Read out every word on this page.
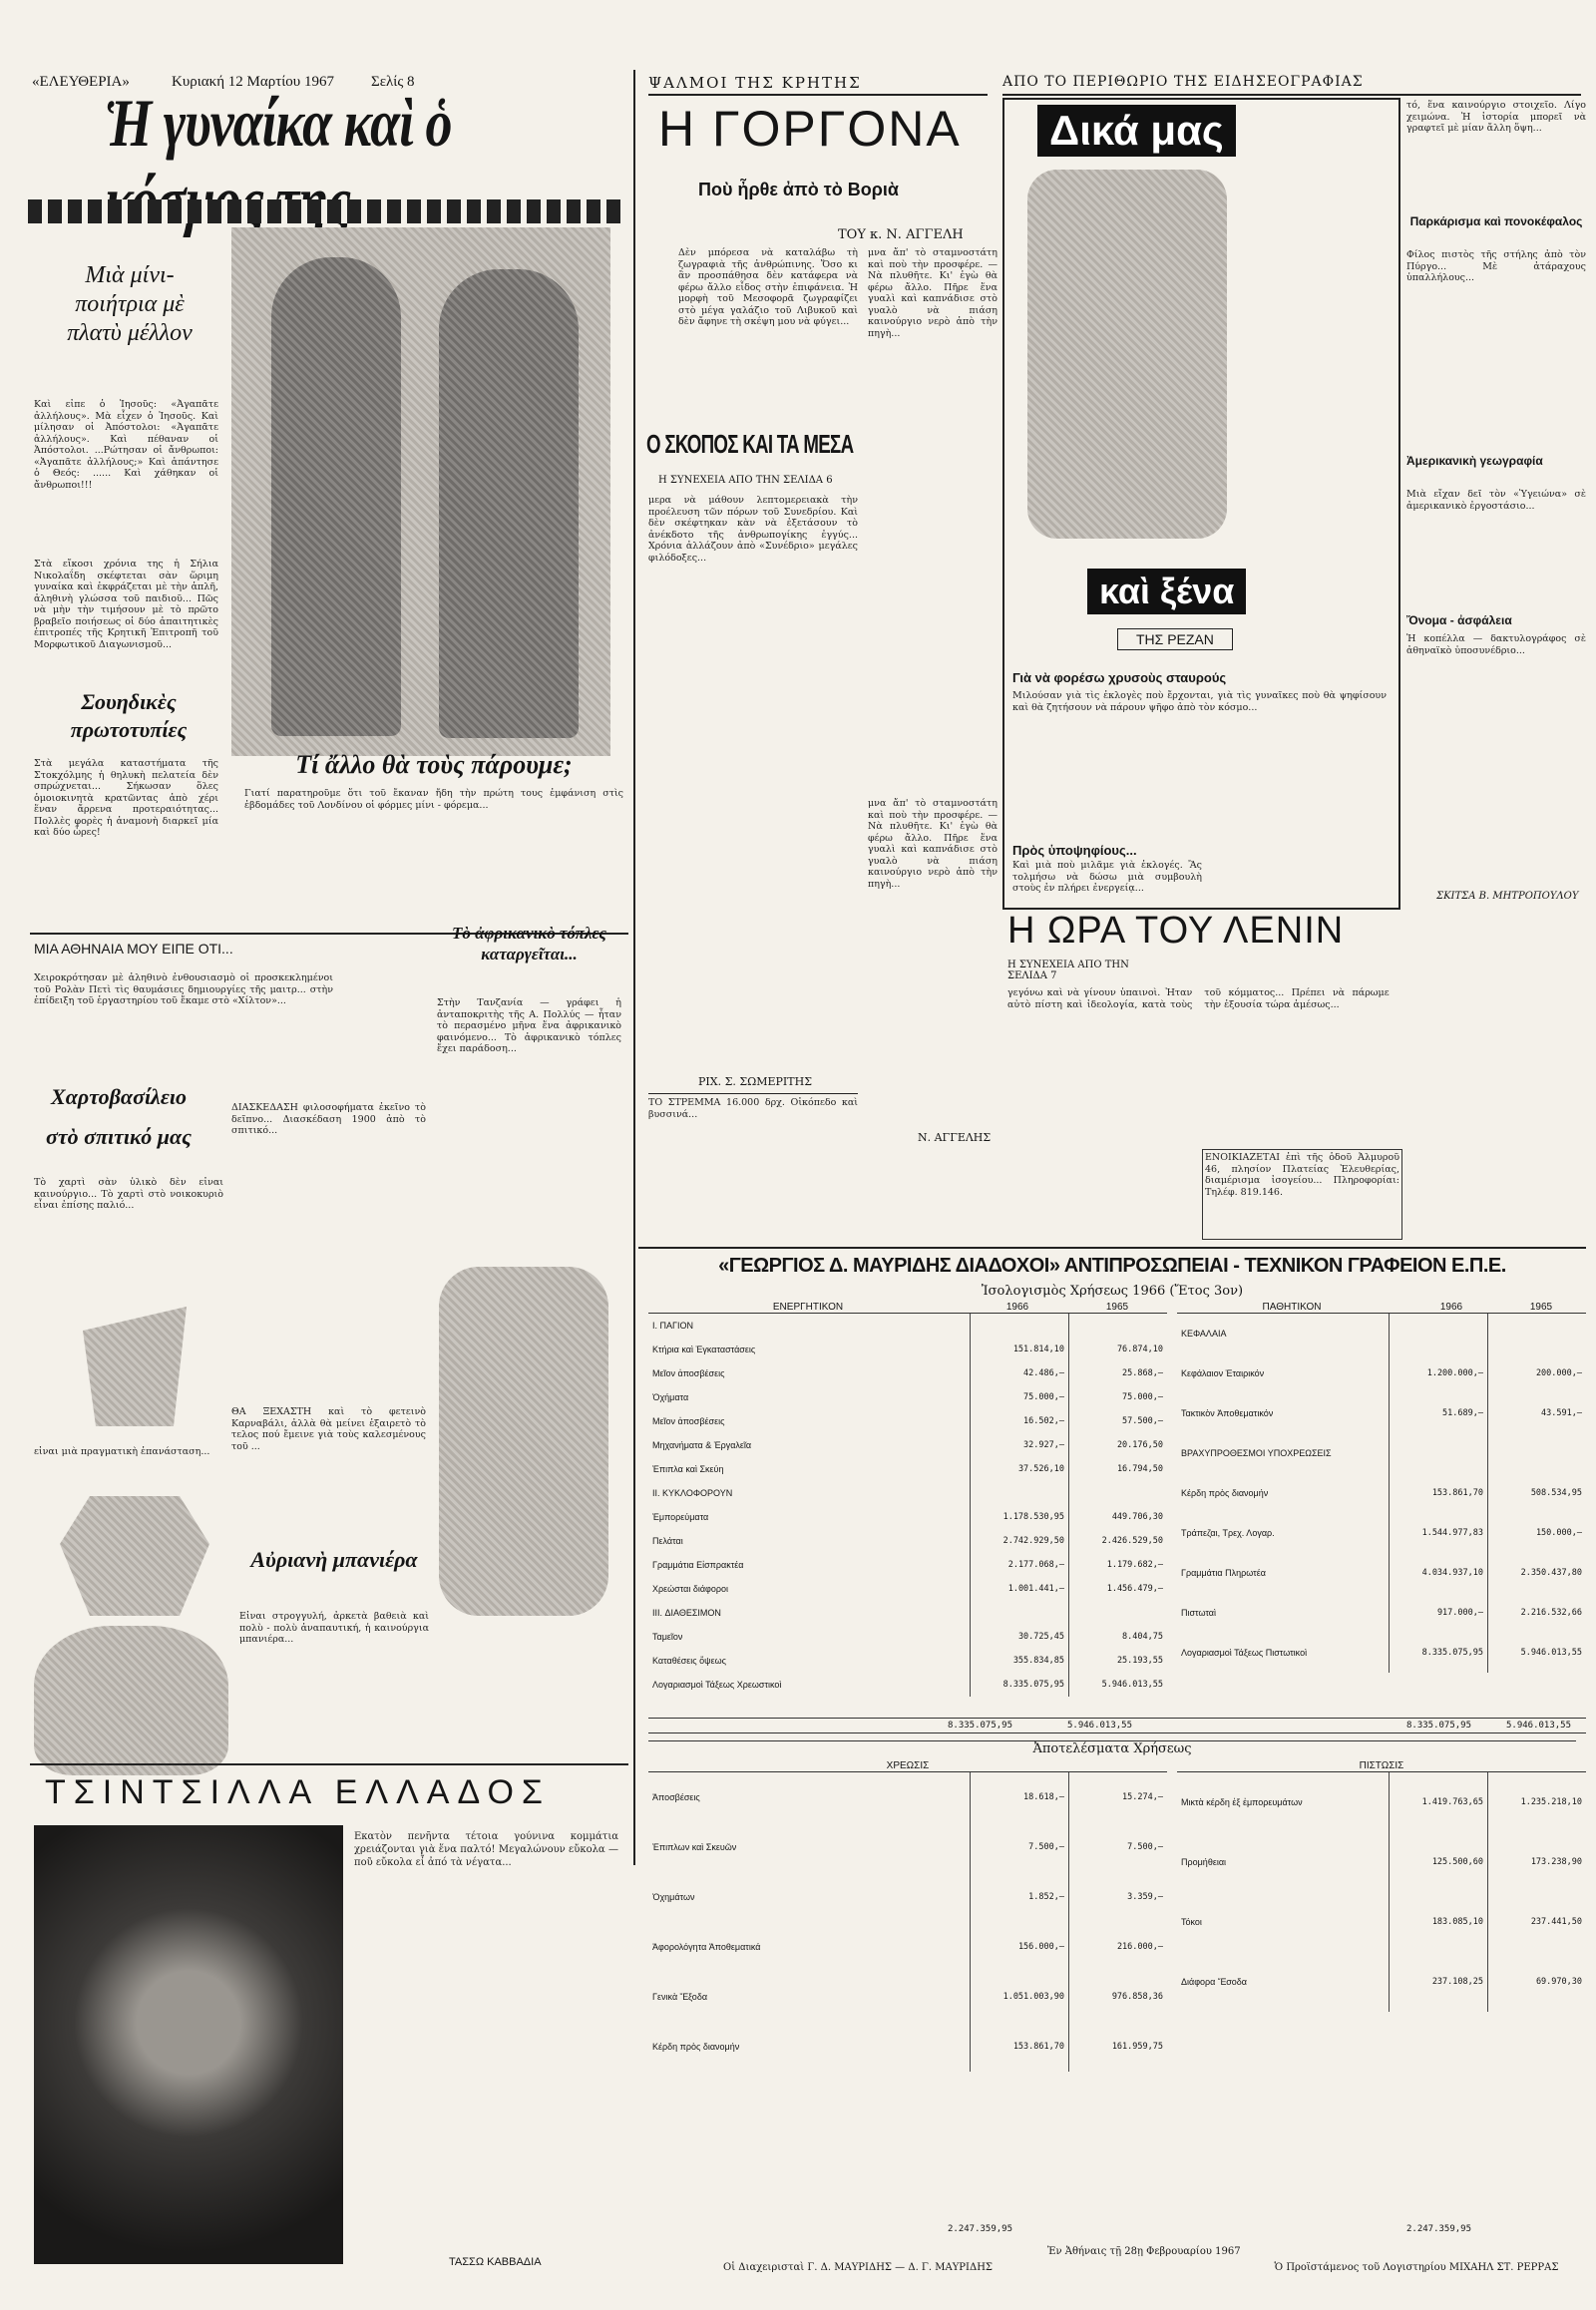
«ΕΛΕΥΘΕΡΙΑ»	Κυριακή 12 Μαρτίου 1967 Σελίς 8
Ἡ γυναίκα καὶ ὁ
Μιὰ μίνι-ποιήτρια μὲ πλατὺ μέλλον
Καὶ εἶπε ὁ Ἰησοῦς: «Ἀγαπᾶτε ἀλλήλους». Μὰ εἶχεν ὁ Ἰησοῦς. Καὶ μίλησαν οἱ Ἀπόστολοι: «Ἀγαπᾶτε ἀλλήλους». Καὶ πέθαναν οἱ Ἀπόστολοι. ...Ρώτησαν οἱ ἄνθρωποι: «Ἀγαπᾶτε ἀλλήλους;» Καὶ ἀπάντησε ὁ Θεός: ...... Καὶ χάθηκαν οἱ ἄνθρωποι!!!
Στὰ εἴκοσι χρόνια της ἡ Σήλια Νικολαΐδη σκέφτεται σὰν ὥριμη γυναίκα καὶ ἐκφράζεται μὲ τὴν ἁπλῆ, ἀληθινὴ γλώσσα τοῦ παιδιοῦ... Πῶς νὰ μὴν τὴν τιμήσουν μὲ τὸ πρῶτο βραβεῖο ποιήσεως οἱ δύο ἀπαιτητικὲς ἐπιτροπές τῆς Κρητικῆ Ἐπιτροπῆ τοῦ Μορφωτικοῦ Διαγωνισμοῦ...
Σουηδικὲς πρωτοτυπίες
Στὰ μεγάλα καταστήματα τῆς Στοκχόλμης ἡ θηλυκὴ πελατεία δὲν σπρώχνεται... Σήκωσαν ὅλες ὁμοιοκινητὰ κρατῶντας ἀπὸ χέρι ἕναν ἄρρενα προτεραιότητας... Πολλὲς φορὲς ἡ ἀναμονὴ διαρκεῖ μία καὶ δύο ὧρες!
Τί ἄλλο θὰ τοὺς πάρουμε;
Γιατί παρατηροῦμε ὅτι τοῦ ἔκαναν ἤδη τὴν πρώτη τους ἐμφάνιση στὶς ἐβδομάδες τοῦ Λονδίνου οἱ φόρμες μίνι - φόρεμα...
ΜΙΑ ΑΘΗΝΑΙΑ ΜΟΥ ΕΙΠΕ ΟΤΙ...
Χειροκρότησαν μὲ ἀληθινὸ ἐνθουσιασμὸ οἱ προσκεκλημένοι τοῦ Ρολὰν Πετὶ τὶς θαυμάσιες δημιουργίες τῆς μαιτρ... στὴν ἐπίδειξη τοῦ ἐργαστηρίου τοῦ ἔκαμε στὸ «Χίλτον»...
Χαρτοβασίλειο στὸ σπιτικό μας
Τὸ χαρτὶ σὰν ὑλικὸ δὲν εἶναι καινούργιο... Τὸ χαρτὶ στὸ νοικοκυριὸ εἶναι ἐπίσης παλιό...
ΔΙΑΣΚΕΔΑΣΗ φιλοσοφήματα ἐκεῖνο τὸ δεῖπνο... Διασκέδαση 1900 ἀπὸ τὸ σπιτικό...
εἶναι μιὰ πραγματικὴ ἐπανάσταση...
ΘΑ ΞΕΧΑΣΤΗ καὶ τὸ φετεινὸ Καρναβάλι, ἀλλὰ θὰ μείνει ἐξαιρετὸ τὸ τελος πού ἔμεινε γιὰ τοὺς καλεσμένους τοῦ ...
Τὸ ἀφρικανικὸ τόπλες καταργεῖται...
Στὴν Τανζανία — γράφει ἡ ἀνταποκριτὴς τῆς Α. Πολλύς — ἦταν τὸ περασμένο μῆνα ἕνα ἀφρικανικὸ φαινόμενο... Τὸ ἀφρικανικὸ τόπλες ἔχει παράδοση...
Αὐριανὴ μπανιέρα
Εἶναι στρογγυλή, ἀρκετὰ βαθειὰ καὶ πολὺ - πολὺ ἀναπαυτική, ἡ καινούργια μπανιέρα...
ΤΣΙΝΤΣΙΛΛΑ ΕΛΛΑΔΟΣ
Εκατὸν πενῆντα τέτοια γούνινα κομμάτια χρειάζονται γιὰ ἕνα παλτό! Μεγαλώνουν εὔκολα — ποῦ εὔκολα εἶ ἀπό τὰ νέγατα...
ΤΑΣΣΩ ΚΑΒΒΑΔΙΑ
ΨΑΛΜΟΙ ΤΗΣ ΚΡΗΤΗΣ
Η ΓΟΡΓΟΝΑ
Ποὺ ἦρθε ἀπὸ τὸ Βοριὰ
ΤΟΥ κ. Ν. ΑΓΓΕΛΗ
Δὲν μπόρεσα νὰ καταλάβω τὴ ζωγραφιὰ τῆς ἀνθρώπινης. Ὅσο κι ἂν προσπάθησα δὲν κατάφερα νὰ φέρω ἄλλο εἶδος στὴν ἐπιφάνεια. Ἡ μορφὴ τοῦ Μεσοφορᾶ ζωγραφίζει στὸ μέγα γαλάζιο τοῦ Λιβυκοῦ καὶ δὲν ἄφηνε τὴ σκέψη μου νὰ φύγει...
μνα ἄπ' τὸ σταμνοστάτη καὶ ποὺ τὴν προσφέρε. — Νὰ πλυθῆτε. Κι' ἐγὼ θὰ φέρω ἄλλο. Πῆρε ἕνα γυαλὶ καὶ καπνάδισε στὸ γυαλὸ νὰ πιάση καινούργιο νερὸ ἀπὸ τὴν πηγὴ...
Ο ΣΚΟΠΟΣ ΚΑΙ ΤΑ ΜΕΣΑ
Η ΣΥΝΕΧΕΙΑ ΑΠΟ ΤΗΝ ΣΕΛΙΔΑ 6
μερα νὰ μάθουν λεπτομερειακὰ τὴν προέλευση τῶν πόρων τοῦ Συνεδρίου. Καὶ δὲν σκέφτηκαν κὰν νὰ ἐξετάσουν τὸ ἀνέκδοτο τῆς ἀνθρωπογίκης ἐγγύς... Χρόνια ἀλλάζουν ἀπὸ «Συνέδριο» μεγάλες φιλόδοξες...
ΡΙΧ. Σ. ΣΩΜΕΡΙΤΗΣ
μνα ἄπ' τὸ σταμνοστάτη καὶ ποὺ τὴν προσφέρε. — Νὰ πλυθῆτε. Κι' ἐγὼ θὰ φέρω ἄλλο. Πῆρε ἕνα γυαλὶ καὶ καπνάδισε στὸ γυαλὸ νὰ πιάση καινούργιο νερὸ ἀπὸ τὴν πηγὴ...
Ν. ΑΓΓΕΛΗΣ
ΤΟ ΣΤΡΕΜΜΑ 16.000 δρχ. Οἰκόπεδο καὶ βυσσινά...
Η ΩΡΑ ΤΟΥ ΛΕΝΙΝ
Η ΣΥΝΕΧΕΙΑ ΑΠΟ ΤΗΝ ΣΕΛΙΔΑ 7
γεγόνω καὶ νὰ γίνουν ὑπαινοὶ. Ἦταν αὐτὸ πίστη καὶ ἰδεολογία, κατὰ τοὺς τοῦ κόμματος... Πρέπει νὰ πάρωμε τὴν ἐξουσία τώρα ἀμέσως...
ΕΝΟΙΚΙΑΖΕΤΑΙ ἐπὶ τῆς ὁδοῦ Ἀλμυροῦ 46, πλησίον Πλατείας Ἐλευθερίας, διαμέρισμα ἰσογείου... Πληροφορίαι: Τηλέφ. 819.146.
ΑΠΟ ΤΟ ΠΕΡΙΘΩΡΙΟ ΤΗΣ ΕΙΔΗΣΕΟΓΡΑΦΙΑΣ
Δικά μας
καὶ ξένα
ΤΗΣ ΡΕΖΑΝ
Γιὰ νὰ φορέσω χρυσοὺς σταυρούς
Μιλούσαν γιὰ τὶς ἐκλογὲς ποὺ ἔρχονται, γιὰ τὶς γυναῖκες ποὺ θὰ ψηφίσουν καὶ θὰ ζητήσουν νὰ πάρουν ψῆφο ἀπὸ τὸν κόσμο...
Πρὸς ὑποψηφίους...
Καὶ μιὰ ποὺ μιλᾶμε γιὰ ἐκλογές. Ἂς τολμήσω νὰ δώσω μιὰ συμβουλὴ στοὺς ἐν πλήρει ἐνεργείᾳ...
τό, ἕνα καινούργιο στοιχεῖο. Λίγο χειμώνα. Ἡ ἱστορία μπορεῖ νὰ γραφτεῖ μὲ μίαν ἄλλη ὅψη...
Παρκάρισμα καὶ πονοκέφαλος
Φίλος πιστὸς τῆς στήλης ἀπὸ τὸν Πύργο... Μὲ ἀτάραχους ὑπαλλήλους...
Ἀμερικανικὴ γεωγραφία
Μιὰ εἴχαν δεῖ τὸν «Ὑγειώνα» σὲ ἀμερικανικὸ ἐργοστάσιο...
Ὄνομα - ἀσφάλεια
Ἡ κοπέλλα — δακτυλογράφος σὲ ἀθηναϊκὸ ὑποσυνέδριο...
ΣΚΙΤΣΑ Β. ΜΗΤΡΟΠΟΥΛΟΥ
«ΓΕΩΡΓΙΟΣ Δ. ΜΑΥΡΙΔΗΣ ΔΙΑΔΟΧΟΙ» ΑΝΤΙΠΡΟΣΩΠΕΙΑΙ - ΤΕΧΝΙΚΟΝ ΓΡΑΦΕΙΟΝ Ε.Π.Ε.
Ἰσολογισμὸς Χρήσεως 1966 (Ἔτος 3ον)
ΕΝΕΡΓΗΤΙΚΟΝ	1966	1965
I. ΠΑΓΙΟΝ		
Κτήρια καὶ Ἐγκαταστάσεις	151.814,10	76.874,10
Μεῖον ἀποσβέσεις	42.486,—	25.868,—
Ὀχήματα	75.000,—	75.000,—
Μεῖον ἀποσβέσεις	16.502,—	57.500,—
Μηχανήματα & Ἐργαλεῖα	32.927,—	20.176,50
Ἐπιπλα καὶ Σκεύη	37.526,10	16.794,50
II. ΚΥΚΛΟΦΟΡΟΥΝ		
Ἐμπορεύματα	1.178.530,95	449.706,30
Πελάται	2.742.929,50	2.426.529,50
Γραμμάτια Εἰσπρακτέα	2.177.068,—	1.179.682,—
Χρεώσται διάφοροι	1.001.441,—	1.456.479,—
III. ΔΙΑΘΕΣΙΜΟΝ		
Ταμεῖον	30.725,45	8.404,75
Καταθέσεις ὄψεως	355.834,85	25.193,55
Λογαριασμοὶ Τάξεως Χρεωστικοὶ	8.335.075,95	5.946.013,55
ΠΑΘΗΤΙΚΟΝ	1966	1965
ΚΕΦΑΛΑΙΑ		
Κεφάλαιον Ἑταιρικόν	1.200.000,—	200.000,—
Τακτικὸν Ἀποθεματικόν	51.689,—	43.591,—
ΒΡΑΧΥΠΡΟΘΕΣΜΟΙ ΥΠΟΧΡΕΩΣΕΙΣ		
Κέρδη πρὸς διανομήν	153.861,70	508.534,95
Τράπεζαι, Τρεχ. Λογαρ.	1.544.977,83	150.000,—
Γραμμάτια Πληρωτέα	4.034.937,10	2.350.437,80
Πιστωταὶ	917.000,—	2.216.532,66
Λογαριασμοὶ Τάξεως Πιστωτικοὶ	8.335.075,95	5.946.013,55
8.335.075,95	5.946.013,55	8.335.075,95	5.946.013,55

Ἀποτελέσματα Χρήσεως
ΧΡΕΩΣΙΣ
Ἀποσβέσεις	18.618,—	15.274,—
Ἐπιπλων καὶ Σκευῶν	7.500,—	7.500,—
Ὀχημάτων	1.852,—	3.359,—
Ἀφορολόγητα Ἀποθεματικά	156.000,—	216.000,—
Γενικὰ Ἔξοδα	1.051.003,90	976.858,36
Κέρδη πρὸς διανομήν	153.861,70	161.959,75
ΠΙΣΤΩΣΙΣ
Μικτὰ κέρδη ἐξ ἐμπορευμάτων	1.419.763,65	1.235.218,10
Προμήθειαι	125.500,60	173.238,90
Τόκοι	183.085,10	237.441,50
Διάφορα Ἔσοδα	237.108,25	69.970,30
2.247.359,95	2.247.359,95
Ἐν Ἀθήναις τῇ 28ῃ Φεβρουαρίου 1967
Οἱ Διαχειρισταὶ Γ. Δ. ΜΑΥΡΙΔΗΣ — Δ. Γ. ΜΑΥΡΙΔΗΣ	Ὁ Προϊστάμενος τοῦ Λογιστηρίου ΜΙΧΑΗΛ ΣΤ. ΡΕΡΡΑΣ
